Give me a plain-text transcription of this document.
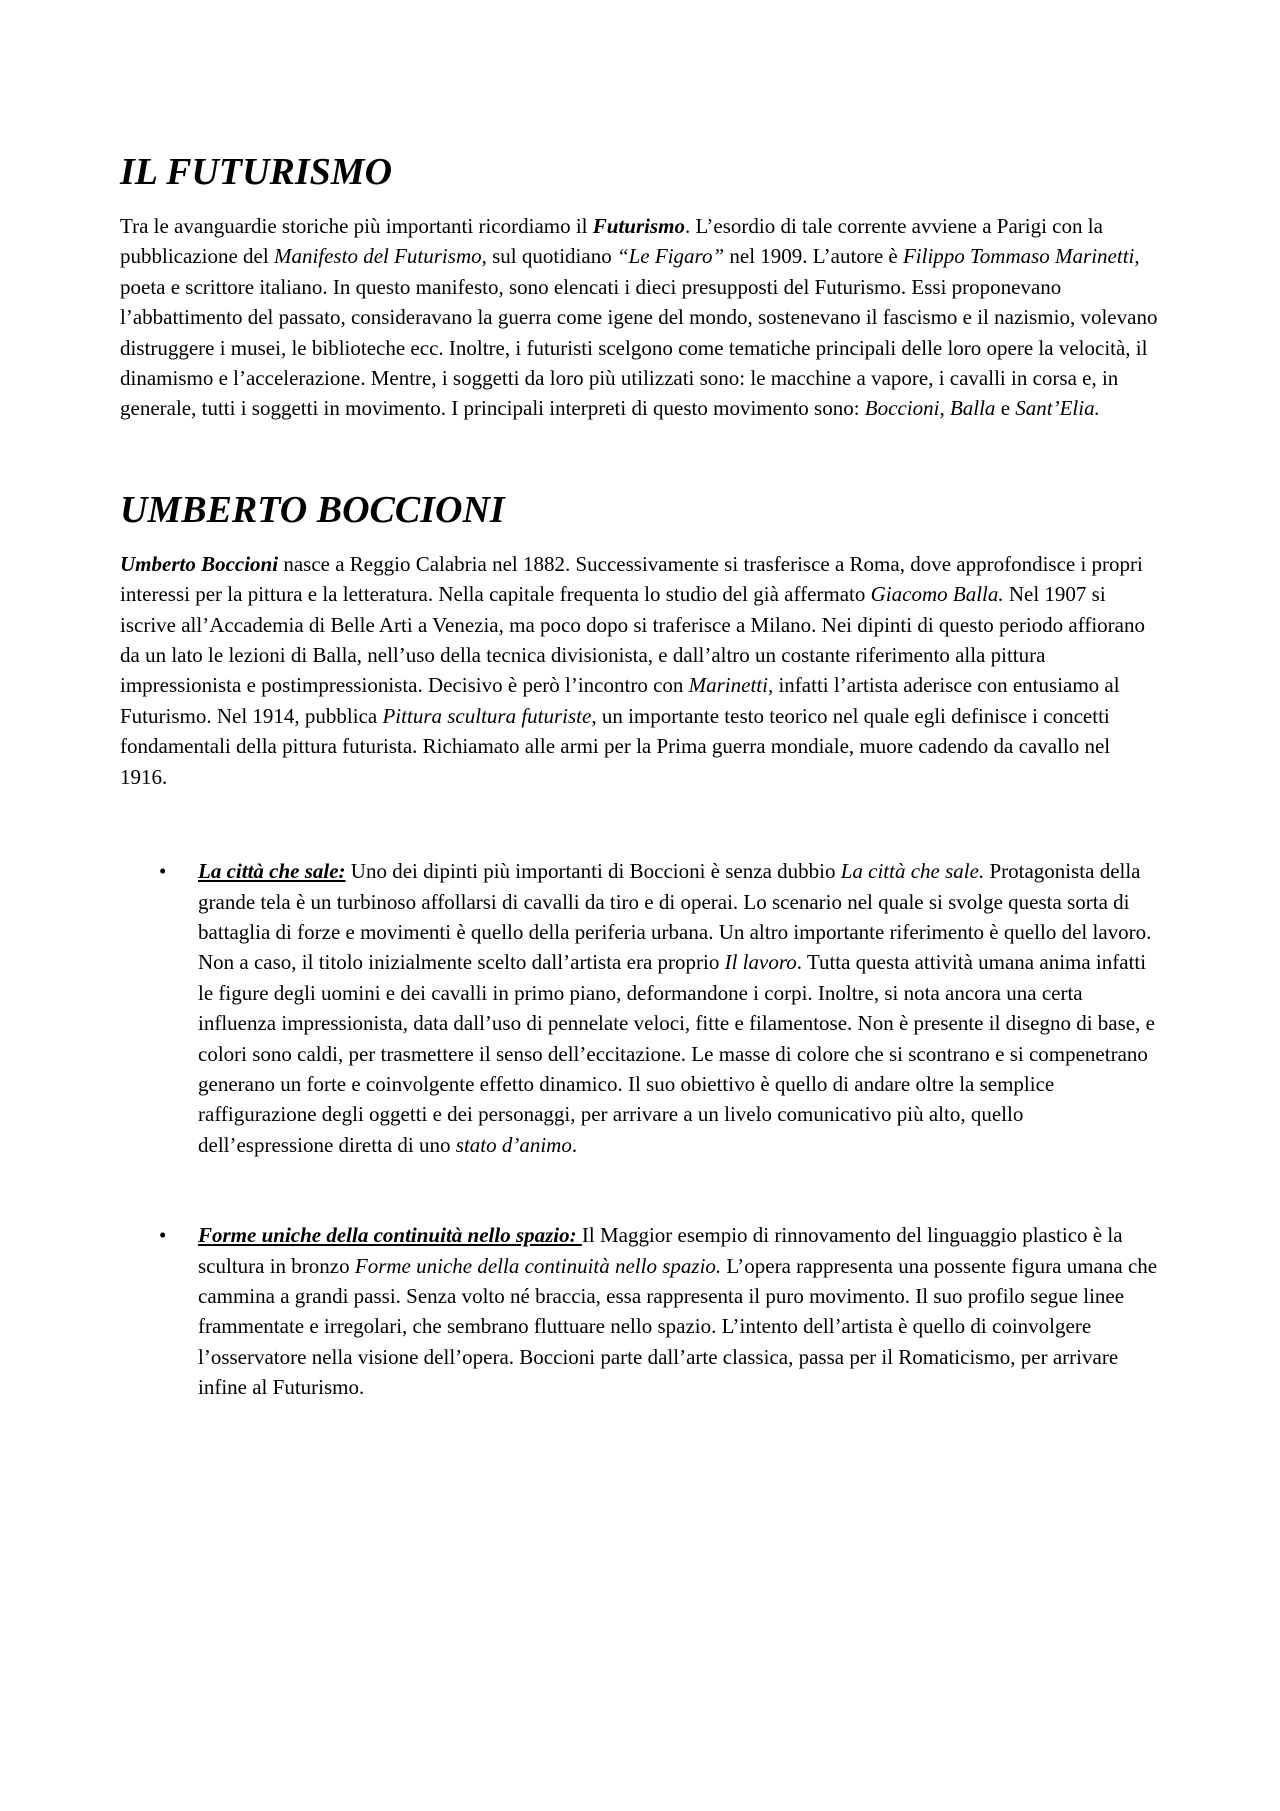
IL FUTURISMO

Tra le avanguardie storiche più importanti ricordiamo il Futurismo. L’esordio di tale corrente avviene a Parigi con la pubblicazione del Manifesto del Futurismo, sul quotidiano “Le Figaro” nel 1909. L’autore è Filippo Tommaso Marinetti, poeta e scrittore italiano. In questo manifesto, sono elencati i dieci presupposti del Futurismo. Essi proponevano l’abbattimento del passato, consideravano la guerra come igene del mondo, sostenevano il fascismo e il nazismio, volevano distruggere i musei, le biblioteche ecc. Inoltre, i futuristi scelgono come tematiche principali delle loro opere la velocità, il dinamismo e l’accelerazione. Mentre, i soggetti da loro più utilizzati sono: le macchine a vapore, i cavalli in corsa e, in generale, tutti i soggetti in movimento. I principali interpreti di questo movimento sono: Boccioni, Balla e Sant’Elia.

UMBERTO BOCCIONI

Umberto Boccioni nasce a Reggio Calabria nel 1882. Successivamente si trasferisce a Roma, dove approfondisce i propri interessi per la pittura e la letteratura. Nella capitale frequenta lo studio del già affermato Giacomo Balla. Nel 1907 si iscrive all’Accademia di Belle Arti a Venezia, ma poco dopo si traferisce a Milano. Nei dipinti di questo periodo affiorano da un lato le lezioni di Balla, nell’uso della tecnica divisionista, e dall’altro un costante riferimento alla pittura impressionista e postimpressionista. Decisivo è però l’incontro con Marinetti, infatti l’artista aderisce con entusiamo al Futurismo. Nel 1914, pubblica Pittura scultura futuriste, un importante testo teorico nel quale egli definisce i concetti fondamentali della pittura futurista. Richiamato alle armi per la Prima guerra mondiale, muore cadendo da cavallo nel 1916.

• La città che sale: Uno dei dipinti più importanti di Boccioni è senza dubbio La città che sale. Protagonista della grande tela è un turbinoso affollarsi di cavalli da tiro e di operai. Lo scenario nel quale si svolge questa sorta di battaglia di forze e movimenti è quello della periferia urbana. Un altro importante riferimento è quello del lavoro. Non a caso, il titolo inizialmente scelto dall’artista era proprio Il lavoro. Tutta questa attività umana anima infatti le figure degli uomini e dei cavalli in primo piano, deformandone i corpi. Inoltre, si nota ancora una certa influenza impressionista, data dall’uso di pennelate veloci, fitte e filamentose. Non è presente il disegno di base, e colori sono caldi, per trasmettere il senso dell’eccitazione. Le masse di colore che si scontrano e si compenetrano generano un forte e coinvolgente effetto dinamico. Il suo obiettivo è quello di andare oltre la semplice raffigurazione degli oggetti e dei personaggi, per arrivare a un livelo comunicativo più alto, quello dell’espressione diretta di uno stato d’animo.
• Forme uniche della continuità nello spazio: Il Maggior esempio di rinnovamento del linguaggio plastico è la scultura in bronzo Forme uniche della continuità nello spazio. L’opera rappresenta una possente figura umana che cammina a grandi passi. Senza volto né braccia, essa rappresenta il puro movimento. Il suo profilo segue linee frammentate e irregolari, che sembrano fluttuare nello spazio. L’intento dell’artista è quello di coinvolgere l’osservatore nella visione dell’opera. Boccioni parte dall’arte classica, passa per il Romaticismo, per arrivare infine al Futurismo.
